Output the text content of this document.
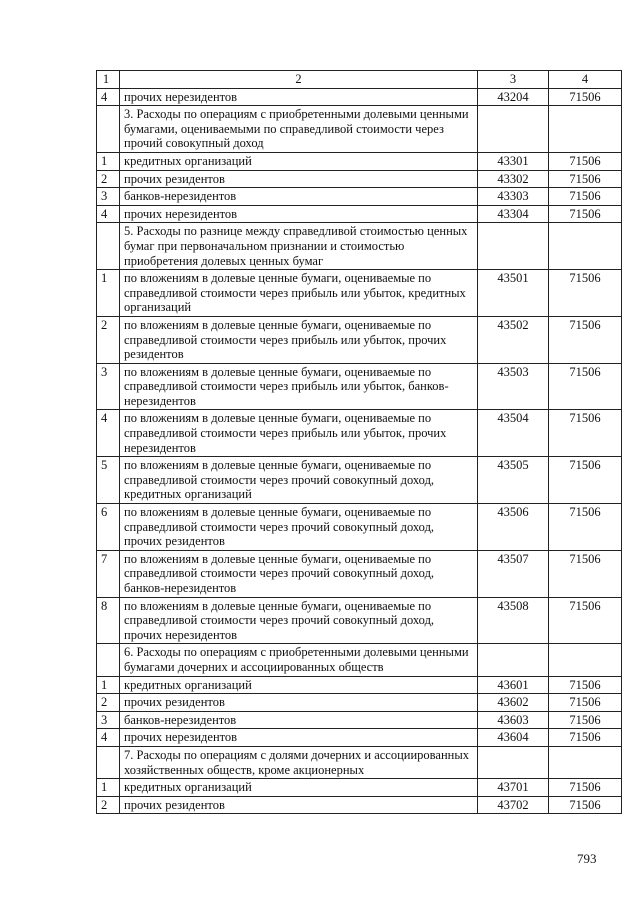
1	2	3	4
4	прочих нерезидентов	43204	71506
	3. Расходы по операциям с приобретенными долевыми ценными бумагами, оцениваемыми по справедливой стоимости через прочий совокупный доход		
1	кредитных организаций	43301	71506
2	прочих резидентов	43302	71506
3	банков-нерезидентов	43303	71506
4	прочих нерезидентов	43304	71506
	5. Расходы по разнице между справедливой стоимостью ценных бумаг при первоначальном признании и стоимостью приобретения долевых ценных бумаг		
1	по вложениям в долевые ценные бумаги, оцениваемые по справедливой стоимости через прибыль или убыток, кредитных организаций	43501	71506
2	по вложениям в долевые ценные бумаги, оцениваемые по справедливой стоимости через прибыль или убыток, прочих резидентов	43502	71506
3	по вложениям в долевые ценные бумаги, оцениваемые по справедливой стоимости через прибыль или убыток, банков-нерезидентов	43503	71506
4	по вложениям в долевые ценные бумаги, оцениваемые по справедливой стоимости через прибыль или убыток, прочих нерезидентов	43504	71506
5	по вложениям в долевые ценные бумаги, оцениваемые по справедливой стоимости через прочий совокупный доход, кредитных организаций	43505	71506
6	по вложениям в долевые ценные бумаги, оцениваемые по справедливой стоимости через прочий совокупный доход, прочих резидентов	43506	71506
7	по вложениям в долевые ценные бумаги, оцениваемые по справедливой стоимости через прочий совокупный доход, банков-нерезидентов	43507	71506
8	по вложениям в долевые ценные бумаги, оцениваемые по справедливой стоимости через прочий совокупный доход, прочих нерезидентов	43508	71506
	6. Расходы по операциям с приобретенными долевыми ценными бумагами дочерних и ассоциированных обществ		
1	кредитных организаций	43601	71506
2	прочих резидентов	43602	71506
3	банков-нерезидентов	43603	71506
4	прочих нерезидентов	43604	71506
	7. Расходы по операциям с долями дочерних и ассоциированных хозяйственных обществ, кроме акционерных		
1	кредитных организаций	43701	71506
2	прочих резидентов	43702	71506
793
